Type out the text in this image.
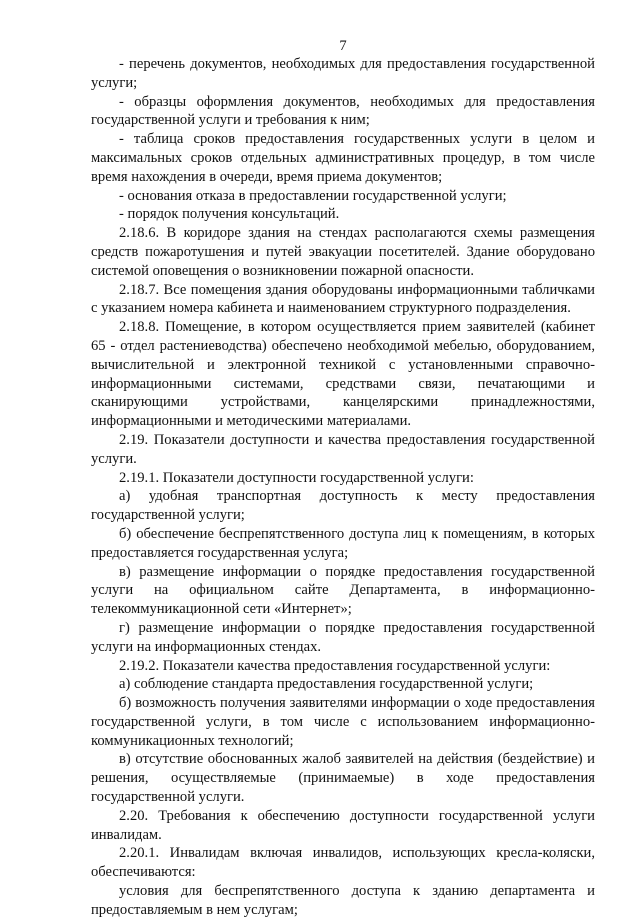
7

- перечень документов, необходимых для предоставления государственной услуги;

- образцы оформления документов, необходимых для предоставления государственной услуги и требования к ним;

- таблица сроков предоставления государственных услуги в целом и максимальных сроков отдельных административных процедур, в том числе время нахождения в очереди, время приема документов;

- основания отказа в предоставлении государственной услуги;

- порядок получения консультаций.

2.18.6. В коридоре здания на стендах располагаются схемы размещения средств пожаротушения и путей эвакуации посетителей. Здание оборудовано системой оповещения о возникновении пожарной опасности.

2.18.7. Все помещения здания оборудованы информационными табличками с указанием номера кабинета и наименованием структурного подразделения.

2.18.8. Помещение, в котором осуществляется прием заявителей (кабинет 65 - отдел растениеводства) обеспечено необходимой мебелью, оборудованием, вычислительной и электронной техникой с установленными справочно-информационными системами, средствами связи, печатающими и сканирующими устройствами, канцелярскими принадлежностями, информационными и методическими материалами.

2.19. Показатели доступности и качества предоставления государственной услуги.

2.19.1. Показатели доступности государственной услуги:

а) удобная транспортная доступность к месту предоставления государственной услуги;

б) обеспечение беспрепятственного доступа лиц к помещениям, в которых предоставляется государственная услуга;

в) размещение информации о порядке предоставления государственной услуги на официальном сайте Департамента, в информационно-телекоммуникационной сети «Интернет»;

г) размещение информации о порядке предоставления государственной услуги на информационных стендах.

2.19.2. Показатели качества предоставления государственной услуги:

а) соблюдение стандарта предоставления государственной услуги;

б) возможность получения заявителями информации о ходе предоставления государственной услуги, в том числе с использованием информационно-коммуникационных технологий;

в) отсутствие обоснованных жалоб заявителей на действия (бездействие) и решения, осуществляемые (принимаемые) в ходе предоставления государственной услуги.

2.20. Требования к обеспечению доступности государственной услуги инвалидам.

2.20.1. Инвалидам включая инвалидов, использующих кресла-коляски, обеспечиваются:

условия для беспрепятственного доступа к зданию департамента и предоставляемым в нем услугам;
